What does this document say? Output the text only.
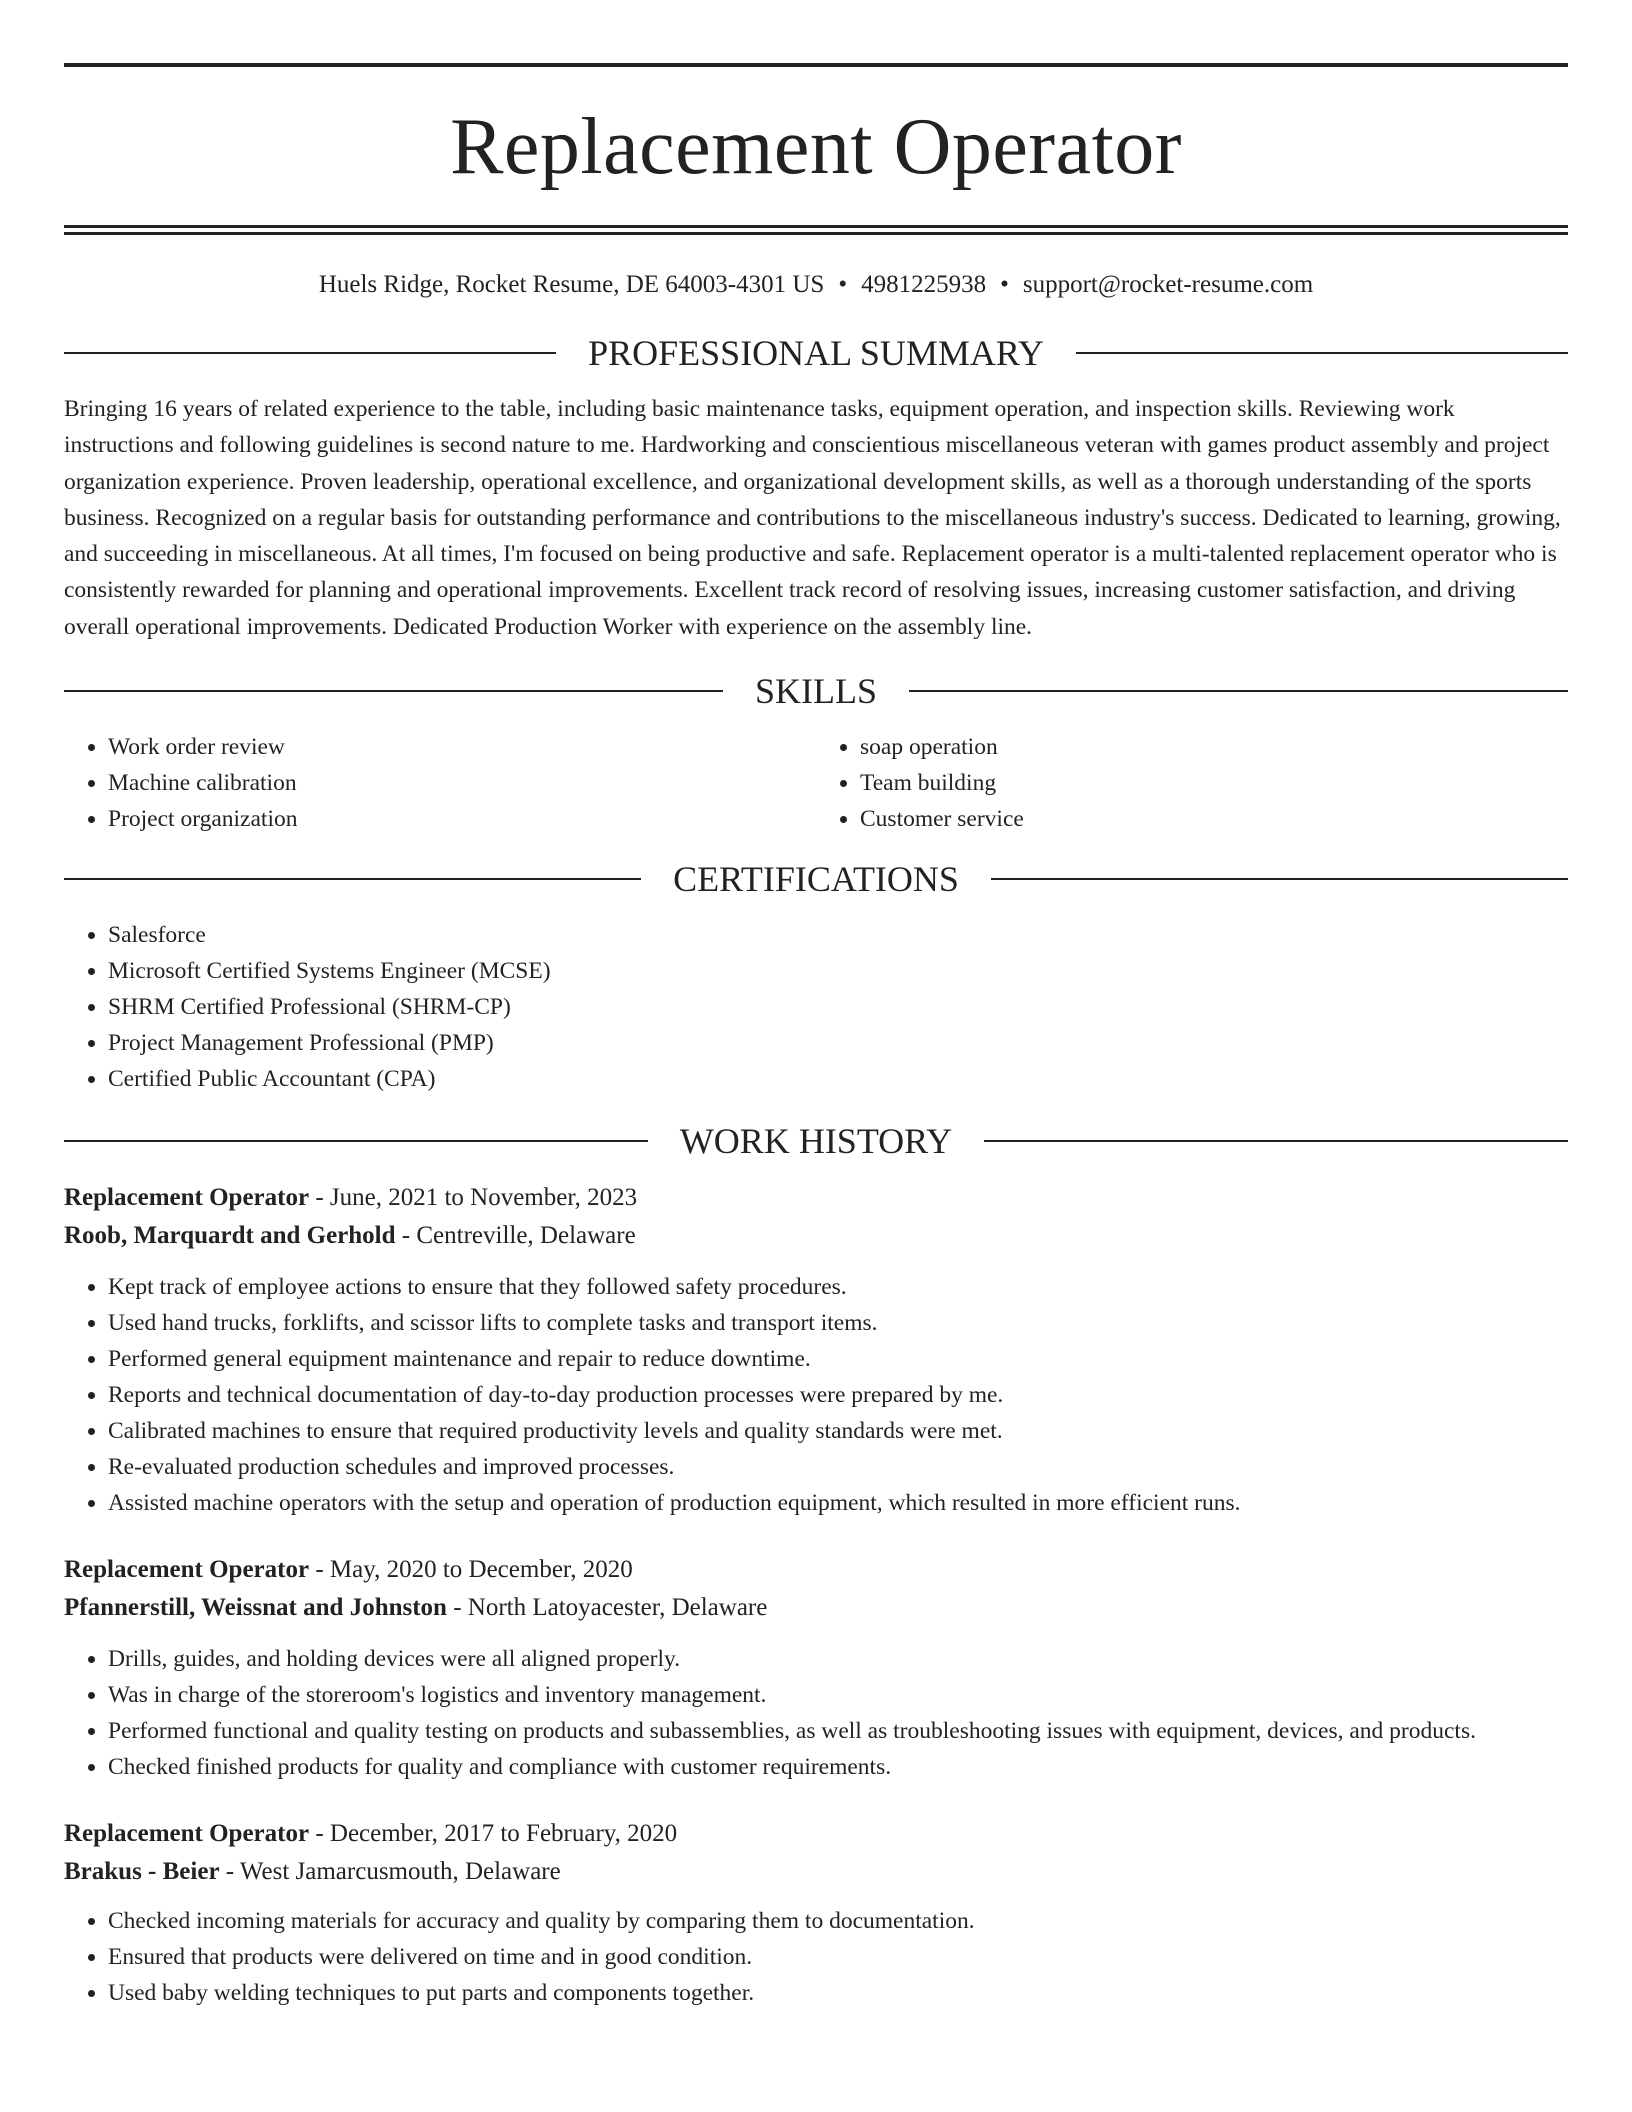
Replacement Operator
Huels Ridge, Rocket Resume, DE 64003-4301 US • 4981225938 • support@rocket-resume.com
PROFESSIONAL SUMMARY

Bringing 16 years of related experience to the table, including basic maintenance tasks, equipment operation, and inspection skills. Reviewing work instructions and following guidelines is second nature to me. Hardworking and conscientious miscellaneous veteran with games product assembly and project organization experience. Proven leadership, operational excellence, and organizational development skills, as well as a thorough understanding of the sports business. Recognized on a regular basis for outstanding performance and contributions to the miscellaneous industry's success. Dedicated to learning, growing, and succeeding in miscellaneous. At all times, I'm focused on being productive and safe. Replacement operator is a multi-talented replacement operator who is consistently rewarded for planning and operational improvements. Excellent track record of resolving issues, increasing customer satisfaction, and driving overall operational improvements. Dedicated Production Worker with experience on the assembly line.

SKILLS
• Work order review
• Machine calibration
• Project organization
• soap operation
• Team building
• Customer service
CERTIFICATIONS
• Salesforce
• Microsoft Certified Systems Engineer (MCSE)
• SHRM Certified Professional (SHRM-CP)
• Project Management Professional (PMP)
• Certified Public Accountant (CPA)
WORK HISTORY
Replacement Operator - June, 2021 to November, 2023
Roob, Marquardt and Gerhold - Centreville, Delaware
• Kept track of employee actions to ensure that they followed safety procedures.
• Used hand trucks, forklifts, and scissor lifts to complete tasks and transport items.
• Performed general equipment maintenance and repair to reduce downtime.
• Reports and technical documentation of day-to-day production processes were prepared by me.
• Calibrated machines to ensure that required productivity levels and quality standards were met.
• Re-evaluated production schedules and improved processes.
• Assisted machine operators with the setup and operation of production equipment, which resulted in more efficient runs.
Replacement Operator - May, 2020 to December, 2020
Pfannerstill, Weissnat and Johnston - North Latoyacester, Delaware
• Drills, guides, and holding devices were all aligned properly.
• Was in charge of the storeroom's logistics and inventory management.
• Performed functional and quality testing on products and subassemblies, as well as troubleshooting issues with equipment, devices, and products.
• Checked finished products for quality and compliance with customer requirements.
Replacement Operator - December, 2017 to February, 2020
Brakus - Beier - West Jamarcusmouth, Delaware
• Checked incoming materials for accuracy and quality by comparing them to documentation.
• Ensured that products were delivered on time and in good condition.
• Used baby welding techniques to put parts and components together.
